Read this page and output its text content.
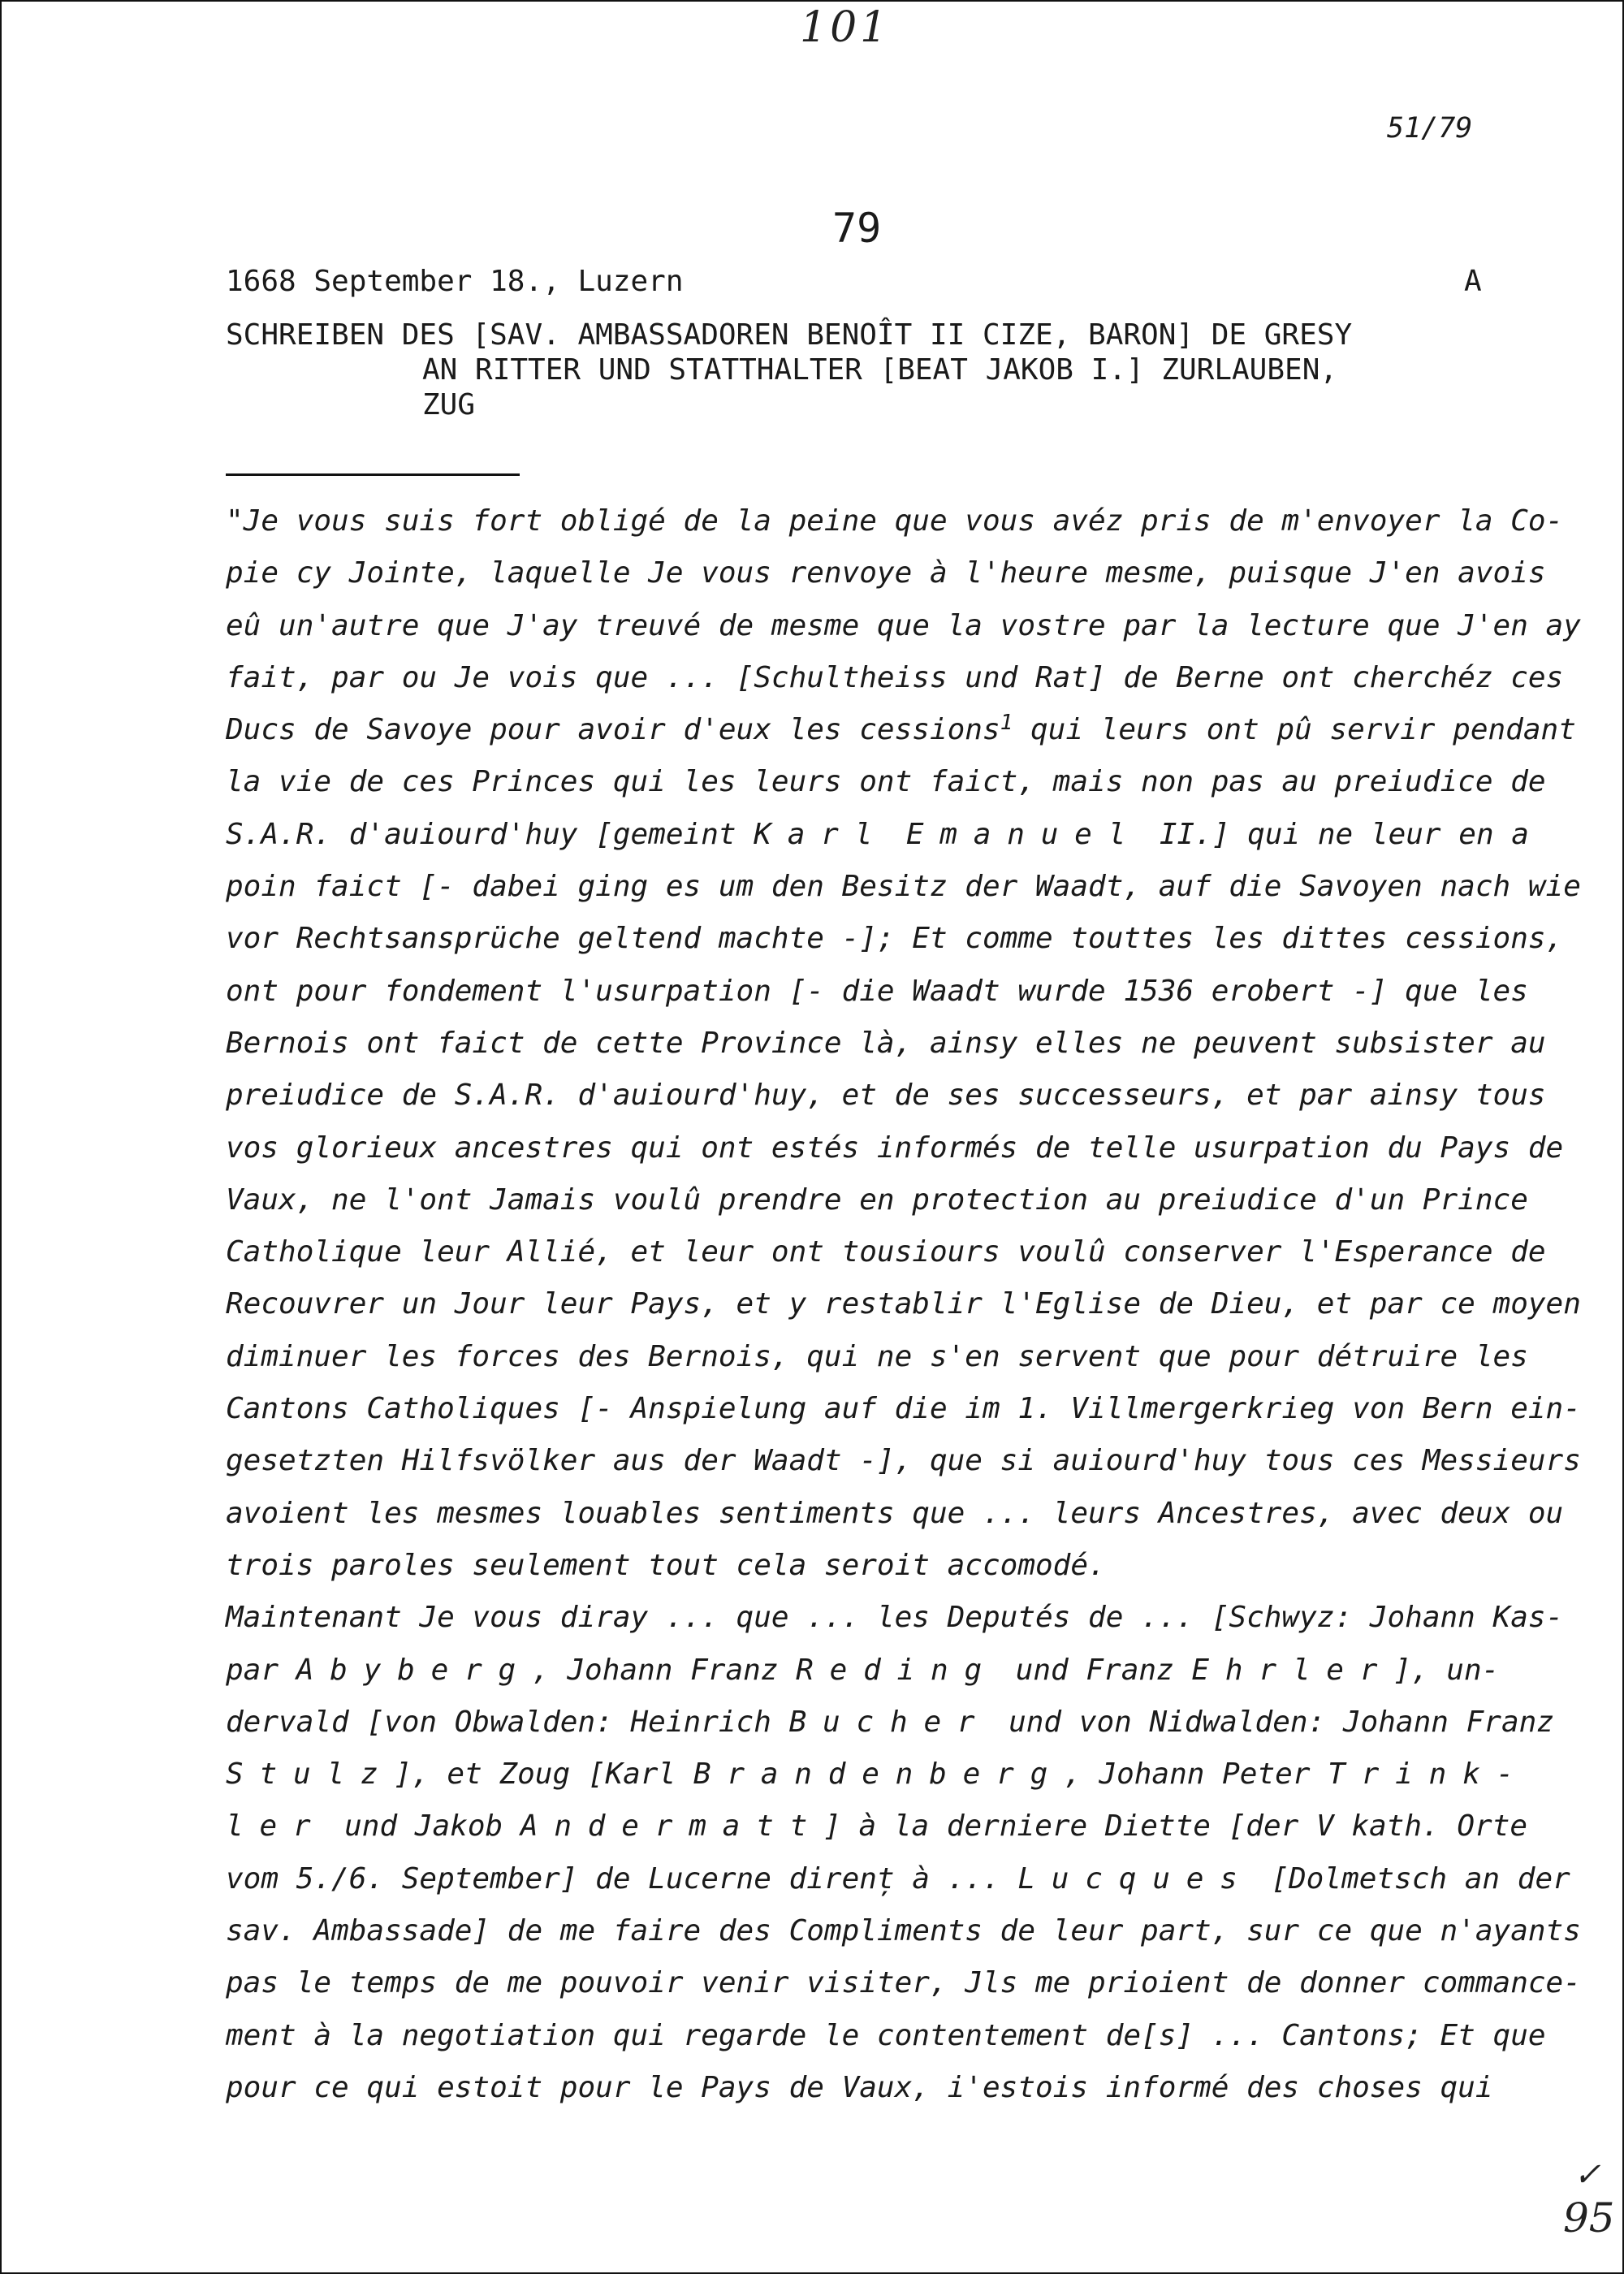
101
51/79
79
1668 September 18., Luzern	A
SCHREIBEN DES [SAV. AMBASSADOREN BENOÎT II CIZE, BARON] DE GRESY
AN RITTER UND STATTHALTER [BEAT JAKOB I.] ZURLAUBEN,
ZUG
"Je vous suis fort obligé de la peine que vous avéz pris de m'envoyer la Co-
pie cy Jointe, laquelle Je vous renvoye à l'heure mesme, puisque J'en avois
eû un'autre que J'ay treuvé de mesme que la vostre par la lecture que J'en ay
fait, par ou Je vois que ... [Schultheiss und Rat] de Berne ont cherchéz ces
Ducs de Savoye pour avoir d'eux les cessions$^1$ qui leurs ont pû servir pendant
la vie de ces Princes qui les leurs ont faict, mais non pas au preiudice de
S.A.R. d'auiourd'huy [gemeint Karl Emanuel II.] qui ne leur en a
poin faict [- dabei ging es um den Besitz der Waadt, auf die Savoyen nach wie
vor Rechtsansprüche geltend machte -]; Et comme touttes les dittes cessions,
ont pour fondement l'usurpation [- die Waadt wurde 1536 erobert -] que les
Bernois ont faict de cette Province là, ainsy elles ne peuvent subsister au
preiudice de S.A.R. d'auiourd'huy, et de ses successeurs, et par ainsy tous
vos glorieux ancestres qui ont estés informés de telle usurpation du Pays de
Vaux, ne l'ont Jamais voulû prendre en protection au preiudice d'un Prince
Catholique leur Allié, et leur ont tousiours voulû conserver l'Esperance de
Recouvrer un Jour leur Pays, et y restablir l'Eglise de Dieu, et par ce moyen
diminuer les forces des Bernois, qui ne s'en servent que pour détruire les
Cantons Catholiques [- Anspielung auf die im 1. Villmergerkrieg von Bern ein-
gesetzten Hilfsvölker aus der Waadt -], que si auiourd'huy tous ces Messieurs
avoient les mesmes louables sentiments que ... leurs Ancestres, avec deux ou
trois paroles seulement tout cela seroit accomodé.
Maintenant Je vous diray ... que ... les Deputés de ... [Schwyz: Johann Kas-
par Abyberg, Johann Franz Reding und Franz Ehrler], un-
dervald [von Obwalden: Heinrich Bucher und von Nidwalden: Johann Franz
Stulz], et Zoug [Karl Brandenberg, Johann Peter Trink-
ler und Jakob Andermatt] à la derniere Diette [der V kath. Orte
vom 5./6. September] de Lucerne direnț à ... Lucques [Dolmetsch an der
sav. Ambassade] de me faire des Compliments de leur part, sur ce que n'ayants
pas le temps de me pouvoir venir visiter, Jls me prioient de donner commance-
ment à la negotiation qui regarde le contentement de[s] ... Cantons; Et que
pour ce qui estoit pour le Pays de Vaux, i'estois informé des choses qui
✓
95
